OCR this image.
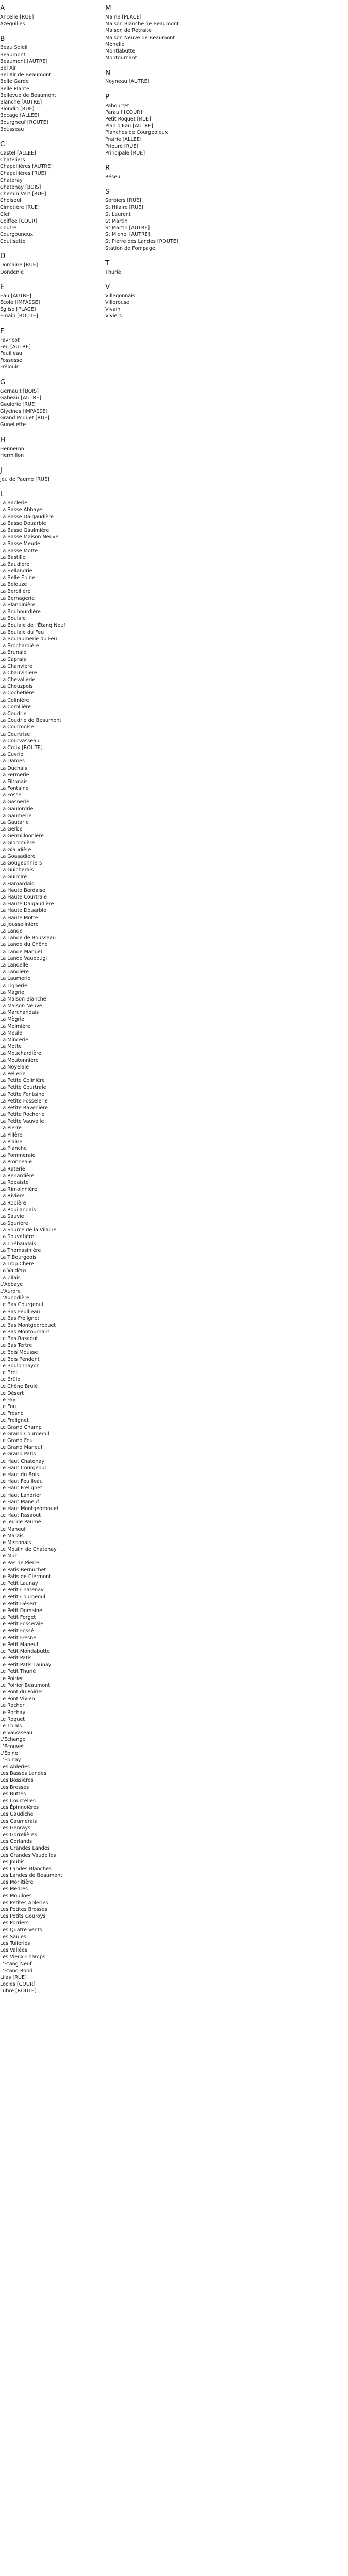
A
Ancelle [RUE]
Azeguilles
B
Beau Soleil
Beaumont
Beaumont [AUTRE]
Bel Air
Bel Air de Beaumont
Belle Garde
Belle Plante
Bellevue de Beaumont
Blanche [AUTRE]
Blondin [RUE]
Bocage [ALLEE]
Bourgneuf [ROUTE]
Bousseau
C
Castel [ALLEE]
Chateliers
Chapellières [AUTRE]
Chapellières [RUE]
Chateray
Chatenay [BOIS]
Chemin Vert [RUE]
Choiseul
Cimetière [RUE]
Clef
Coiffée [COUR]
Coutre
Courgouneux
Coutisette
D
Domaine [RUE]
Dondenie
E
Eau [AUTRE]
Ecole [IMPASSE]
Eglise [PLACE]
Emain [ROUTE]
F
Favricot
Feu [AUTRE]
Feuilleau
Fossesse
Frêlouin
G
Gernault [BOIS]
Gabeau [AUTRE]
Gaulerie [RUE]
Glycines [IMPASSE]
Grand Poquet [RUE]
Gunellette
H
Henneron
Hermillon
J
Jeu de Paume [RUE]
L
La Baclerie
La Basse Abbaye
La Basse Dalgaudière
La Basse Douarble
La Basse Gaulmière
La Basse Maison Neuve
La Basse Meude
La Basse Motte
La Bastille
La Baudière
La Bellandrie
La Belle Épine
La Belouze
La Bercillère
La Bernagerie
La Blandinière
La Bouhourdière
La Boulaie
La Boulaie de l'Étang Neuf
La Boulaie du Feu
La Boulaumerie du Feu
La Brochardière
La Brunaie
La Caprais
La Chanvière
La Chauvinière
La Chevallerie
La Chouzpois
La Cochetière
La Colinière
La Corollière
La Coudrie
La Coudrie de Beaumont
La Courmoise
La Courtrise
La Courvasseau
La Croix [ROUTE]
La Cuvrie
La Daroes
La Duchais
La Fermerie
La Filtonais
La Fontaine
La Fosse
La Gasnerie
La Gaulordrie
La Gaumerie
La Gautarie
La Gerbe
La Germillonnière
La Glommière
La Glaudière
La Goasadière
La Gougeonniers
La Guicherais
La Guimire
La Hamardais
La Haute Berdaise
La Haute Courtraie
La Haute Dalgaudière
La Haute Douarble
La Haute Motte
La Jousselinière
La Lande
La Lande de Bousseau
La Lande du Chêne
La Lande Manuel
La Lande Vaubougi
La Landelle
La Landière
La Laumerie
La Lignerie
La Magrie
La Maison Blanche
La Maison Neuve
La Marchandais
La Mègrie
La Melmière
La Meule
La Mincerie
La Motte
La Mouchardière
La Moutonnière
La Noyelaie
La Pellerie
La Petite Colinière
La Petite Courtraie
La Petite Fontaine
La Petite Fosselerie
La Petite Ravenière
La Petite Rocherie
La Petite Vauvelle
La Pierre
La Pillère
La Plaine
La Planche
La Pommeraie
La Pronneaie
La Raterie
La Renardière
La Repaiste
La Rimoinnière
La Rivière
La Robière
La Rouilandais
La Sauvie
La Squrière
La Source de la Vilaine
La Souvatière
La Thébaudais
La Thomasinière
La T'Bourgeois
La Trop Chère
La Valdéra
La Zilais
L'Abbaye
L'Aurore
L'Aunodière
Le Bas Courgeoul
Le Bas Feuilleau
Le Bas Frélignet
Le Bas Montgeorbouet
Le Bas Montournant
Le Bas Rasaout
Le Bas Tertre
Le Bois Mousse
Le Bois Pendent
Le Boulonnayon
Le Breil
Le Brûlé
Le Chêne Brûlé
Le Désert
Le Fay
Le Fou
Le Fresne
Le Frélignet
Le Grand Champ
Le Grand Courgeoul
Le Grand Feu
Le Grand Maneuf
Le Grand Patis
Le Haut Chatenay
Le Haut Courgeoul
Le Haut du Bois
Le Haut Feuilleau
Le Haut Frélignet
Le Haut Landrier
Le Haut Maneuf
Le Haut Montgeorbouet
Le Haut Rasaout
Le Jeu de Paume
Le Maneuf
Le Marais
Le Missonais
Le Moulin de Chatenay
Le Mur
Le Pas de Pierre
Le Patis Bernuchet
Le Patis de Clermont
Le Petit Launay
Le Petit Chatenay
Le Petit Courgeoul
Le Petit Désert
Le Petit Domaine
Le Petit Forget
Le Petit Fosseraie
Le Petit Fossé
Le Petit Fresne
Le Petit Maneuf
Le Petit Montlabutte
Le Petit Patis
Le Petit Patis Launay
Le Petit Thurié
Le Poirier
Le Poirier Beaumont
Le Pont du Poirier
Le Pont Vivien
Le Rocher
Le Rochay
Le Roquet
Le Thiais
Le Valvaseau
L'Echange
L'Écouvet
L'Épine
L'Épinay
Les Ableries
Les Basses Landes
Les Bossières
Les Brosses
Les Buttes
Les Courcelles
Les Épinnoières
Les Gaudiche
Les Gaumerais
Les Genrays
Les Gorrelières
Les Gorlands
Les Grandes Landes
Les Grandes Vaudelles
Les Joubis
Les Landes Blanches
Les Landes de Beaumont
Les Morlitière
Les Medres
Les Moulines
Les Petites Ableries
Les Petites Brosses
Les Petits Gouroys
Les Porriers
Les Quatre Vents
Les Saules
Les Tuileries
Les Vallées
Les Vieux Champs
L'Étang Neuf
L'Étang Rond
Lilas [RUE]
Locles [COUR]
Lubre [ROUTE]
M
Mairie [PLACE]
Maison Blanche de Beaumont
Maison de Retraite
Maison Neuve de Beaumont
Ménelle
Montlabutte
Montournant
N
Noyneau [AUTRE]
P
Pabourtet
Paraulf [COUR]
Petit Roquet [RUE]
Plan d'Eau [AUTRE]
Planches de Courgeoleux
Prairie [ALLEE]
Prieuré [RUE]
Principale [RUE]
R
Réseul
S
Sorbiers [RUE]
St Hilaire [RUE]
St Laurent
St Martin
St Martin [AUTRE]
St Michel [AUTRE]
St Pierre des Landes [ROUTE]
Station de Pompage
T
Thurié
V
Villegonnais
Villerouse
Vivain
Viviers
